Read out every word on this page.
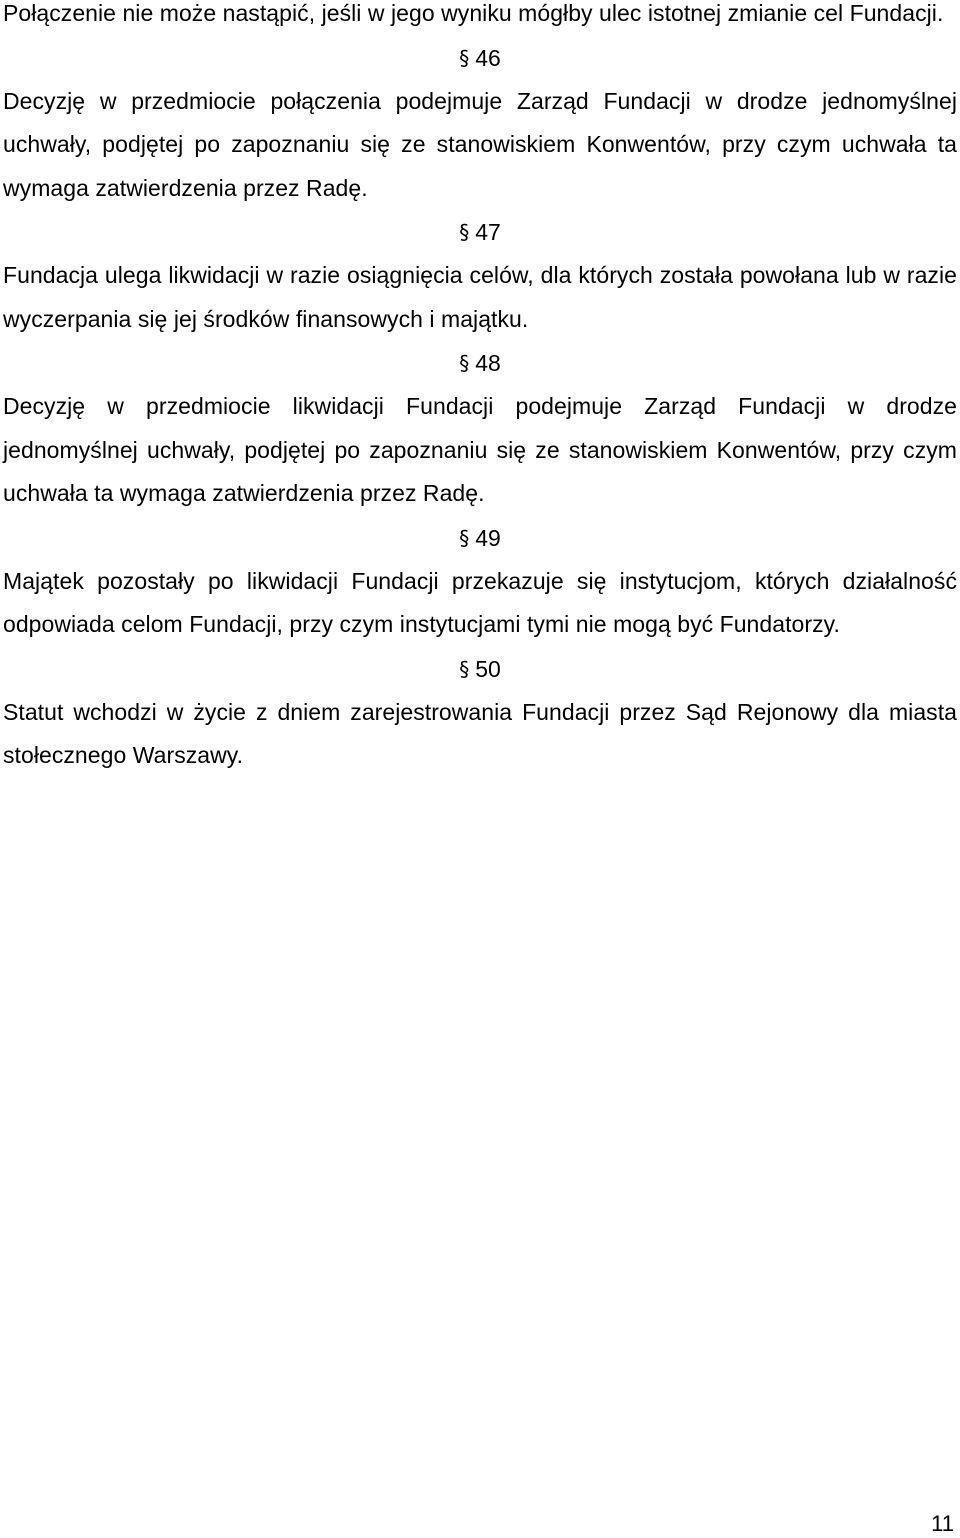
Połączenie nie może nastąpić, jeśli w jego wyniku mógłby ulec istotnej zmianie cel Fundacji.

§ 46

Decyzję w przedmiocie połączenia podejmuje Zarząd Fundacji w drodze jednomyślnej uchwały, podjętej po zapoznaniu się ze stanowiskiem Konwentów, przy czym uchwała ta wymaga zatwierdzenia przez Radę.

§ 47

Fundacja ulega likwidacji w razie osiągnięcia celów, dla których została powołana lub w razie wyczerpania się jej środków finansowych i majątku.

§ 48

Decyzję w przedmiocie likwidacji Fundacji podejmuje Zarząd Fundacji w drodze jednomyślnej uchwały, podjętej po zapoznaniu się ze stanowiskiem Konwentów, przy czym uchwała ta wymaga zatwierdzenia przez Radę.

§ 49

Majątek pozostały po likwidacji Fundacji przekazuje się instytucjom, których działalność odpowiada celom Fundacji, przy czym instytucjami tymi nie mogą być Fundatorzy.

§ 50

Statut wchodzi w życie z dniem zarejestrowania Fundacji przez Sąd Rejonowy dla miasta stołecznego Warszawy.

11
